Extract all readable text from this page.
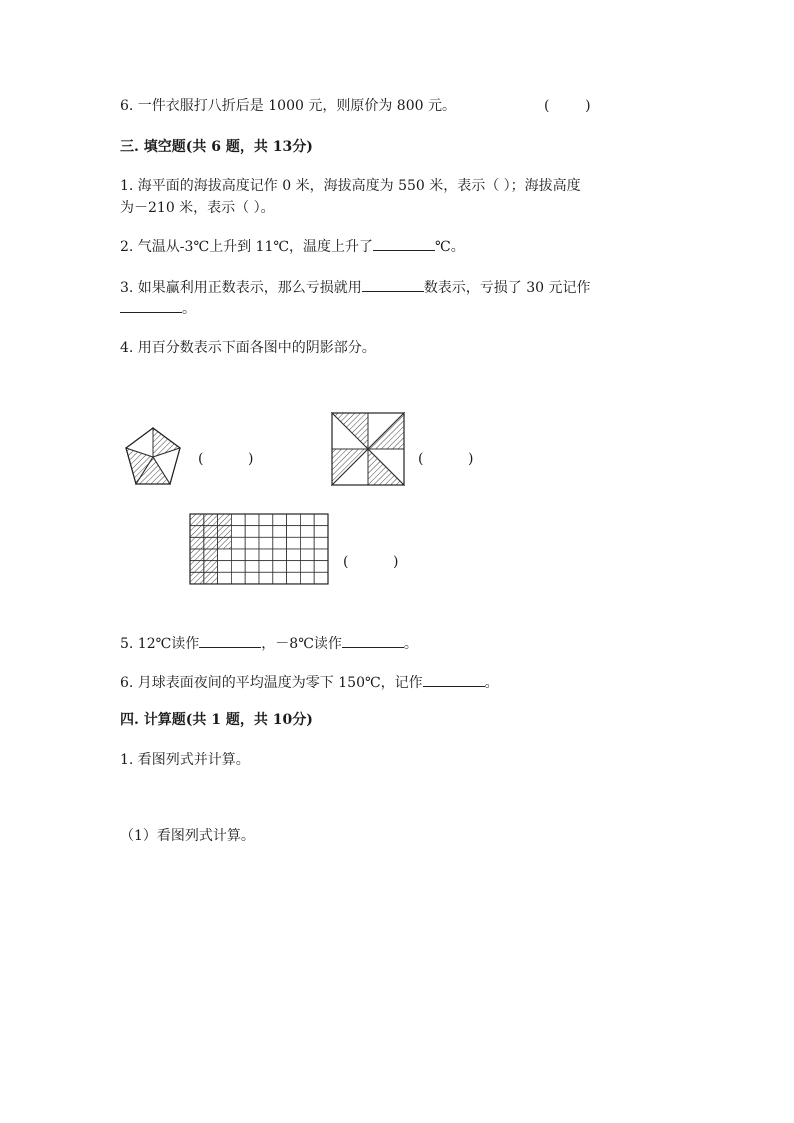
6. 一件衣服打八折后是 1000 元，则原价为 800 元。	(        )
三. 填空题(共 6 题，共 13分)
1. 海平面的海拔高度记作 0 米，海拔高度为 550 米，表示（ ）；海拔高度
为－210 米，表示（ ）。
2. 气温从-3℃上升到 11℃，温度上升了	℃。
3. 如果赢利用正数表示，那么亏损就用	数表示，亏损了 30 元记作
。
4. 用百分数表示下面各图中的阴影部分。
(          )	(          )
(          )
5. 12℃读作	，－8℃读作	。
6. 月球表面夜间的平均温度为零下 150℃，记作	。
四. 计算题(共 1 题，共 10分)
1. 看图列式并计算。
（1）看图列式计算。
